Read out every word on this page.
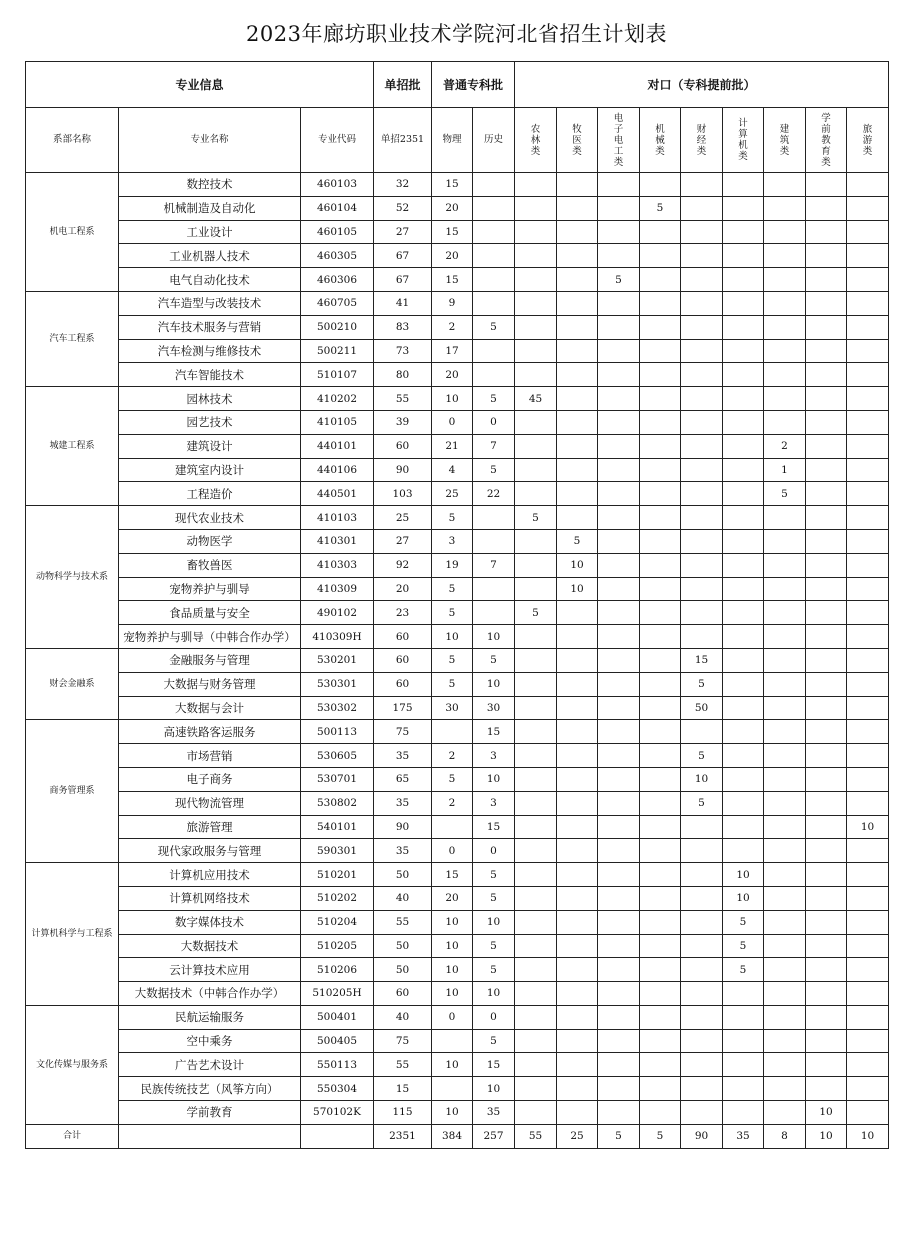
2023年廊坊职业技术学院河北省招生计划表
专业信息			单招批	普通专科批		对口（专科提前批）								
系部名称	专业名称	专业代码	单招2351	物理	历史	农林类	牧医类	电子电工类	机械类	财经类	计算机类	建筑类	学前教育类	旅游类
机电工程系	数控技术	460103	32	15										
	机械制造及自动化	460104	52	20					5					
	工业设计	460105	27	15										
	工业机器人技术	460305	67	20										
	电气自动化技术	460306	67	15				5						
汽车工程系	汽车造型与改装技术	460705	41	9										
	汽车技术服务与营销	500210	83	2	5									
	汽车检测与维修技术	500211	73	17										
	汽车智能技术	510107	80	20										
城建工程系	园林技术	410202	55	10	5	45								
	园艺技术	410105	39	0	0									
	建筑设计	440101	60	21	7							2		
	建筑室内设计	440106	90	4	5							1		
	工程造价	440501	103	25	22							5		
动物科学与技术系	现代农业技术	410103	25	5		5								
	动物医学	410301	27	3			5							
	畜牧兽医	410303	92	19	7		10							
	宠物养护与驯导	410309	20	5			10							
	食品质量与安全	490102	23	5		5								
	宠物养护与驯导（中韩合作办学）	410309H	60	10	10									
财会金融系	金融服务与管理	530201	60	5	5					15				
	大数据与财务管理	530301	60	5	10					5				
	大数据与会计	530302	175	30	30					50				
商务管理系	高速铁路客运服务	500113	75		15									
	市场营销	530605	35	2	3					5				
	电子商务	530701	65	5	10					10				
	现代物流管理	530802	35	2	3					5				
	旅游管理	540101	90		15									10
	现代家政服务与管理	590301	35	0	0									
计算机科学与工程系	计算机应用技术	510201	50	15	5						10			
	计算机网络技术	510202	40	20	5						10			
	数字媒体技术	510204	55	10	10						5			
	大数据技术	510205	50	10	5						5			
	云计算技术应用	510206	50	10	5						5			
	大数据技术（中韩合作办学）	510205H	60	10	10									
文化传媒与服务系	民航运输服务	500401	40	0	0									
	空中乘务	500405	75		5									
	广告艺术设计	550113	55	10	15									
	民族传统技艺（风筝方向）	550304	15		10									
	学前教育	570102K	115	10	35								10	
合计			2351	384	257	55	25	5	5	90	35	8	10	10
